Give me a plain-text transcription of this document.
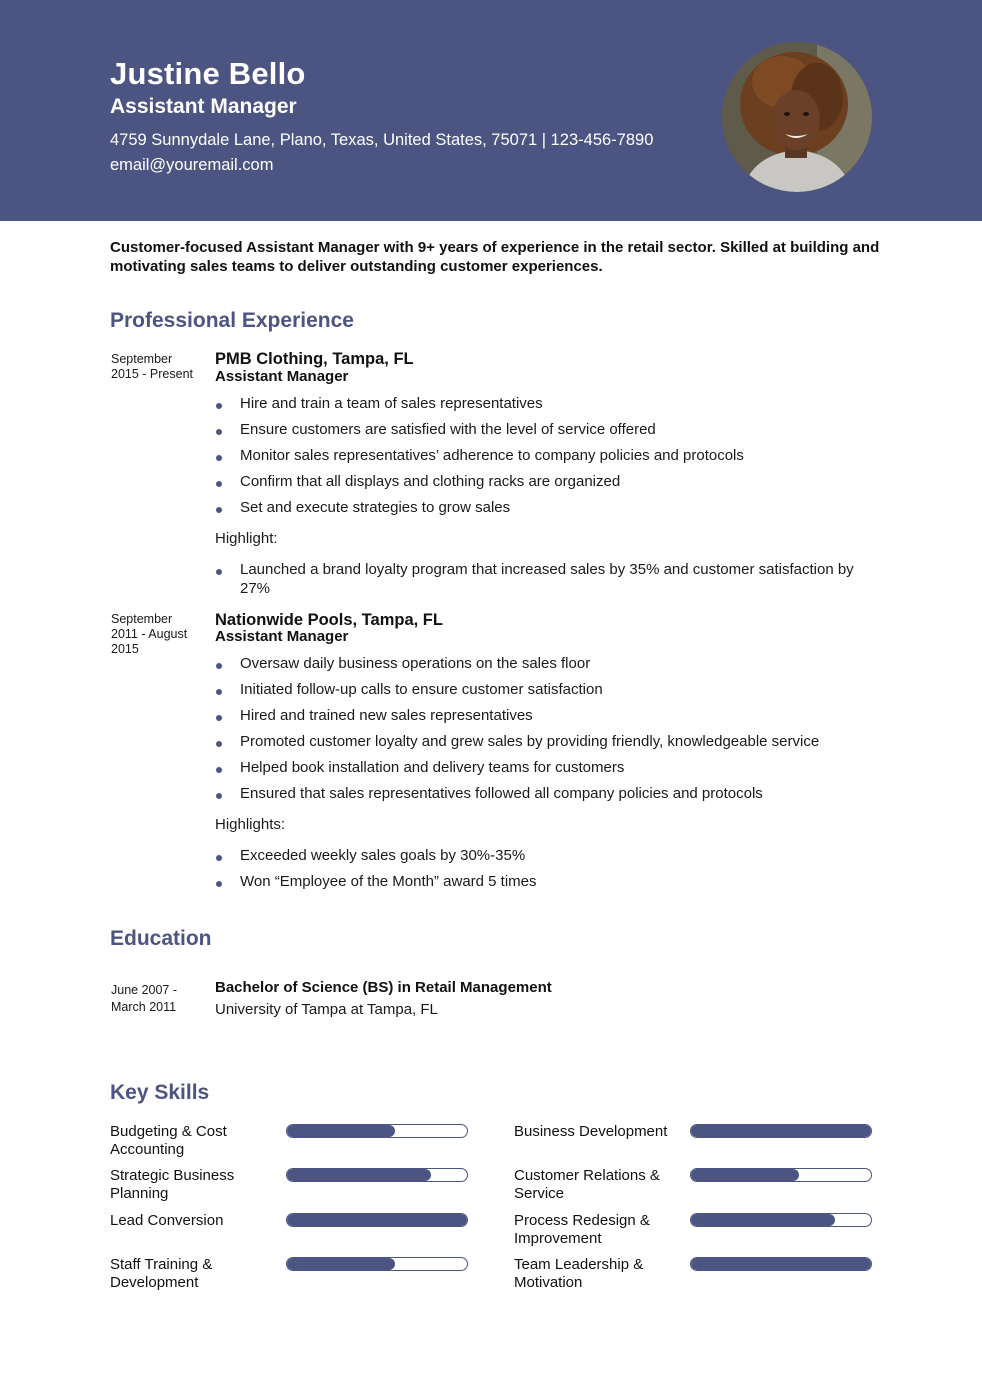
Justine Bello
Assistant Manager
4759 Sunnydale Lane, Plano, Texas, United States, 75071 | 123-456-7890
email@youremail.com
Customer-focused Assistant Manager with 9+ years of experience in the retail sector. Skilled at building and motivating sales teams to deliver outstanding customer experiences.
Professional Experience
September 2015 - Present
PMB Clothing, Tampa, FL
Assistant Manager
Hire and train a team of sales representatives
Ensure customers are satisfied with the level of service offered
Monitor sales representatives’ adherence to company policies and protocols
Confirm that all displays and clothing racks are organized
Set and execute strategies to grow sales
Highlight:
Launched a brand loyalty program that increased sales by 35% and customer satisfaction by 27%
September 2011 - August 2015
Nationwide Pools, Tampa, FL
Assistant Manager
Oversaw daily business operations on the sales floor
Initiated follow-up calls to ensure customer satisfaction
Hired and trained new sales representatives
Promoted customer loyalty and grew sales by providing friendly, knowledgeable service
Helped book installation and delivery teams for customers
Ensured that sales representatives followed all company policies and protocols
Highlights:
Exceeded weekly sales goals by 30%-35%
Won “Employee of the Month” award 5 times
Education
June 2007 - March 2011
Bachelor of Science (BS) in Retail Management
University of Tampa at Tampa, FL
Key Skills
Budgeting & Cost Accounting
Business Development
Strategic Business Planning
Customer Relations & Service
Lead Conversion	Process Redesign & Improvement
Staff Training & Development
Team Leadership & Motivation
